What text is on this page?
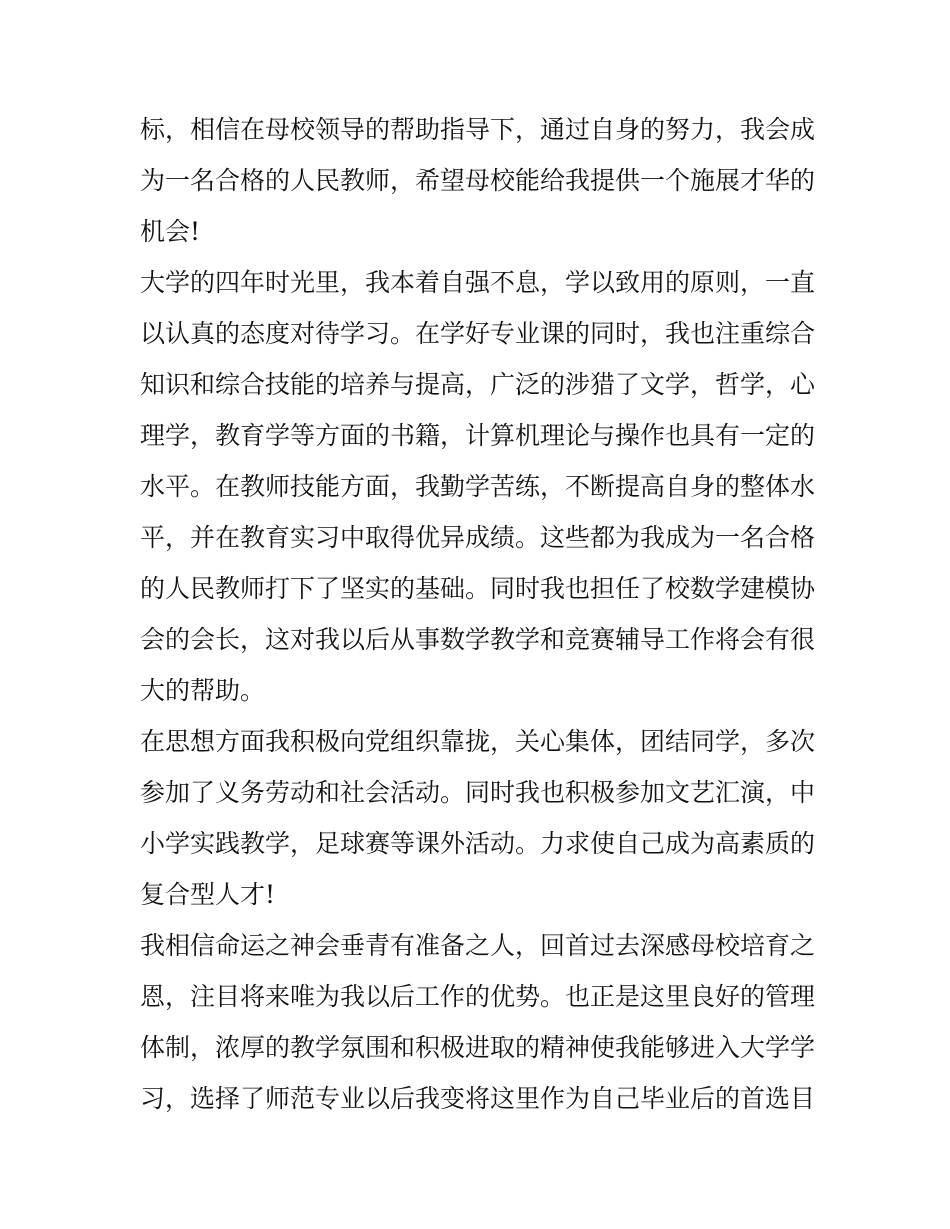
标，相信在母校领导的帮助指导下，通过自身的努力，我会成
为一名合格的人民教师，希望母校能给我提供一个施展才华的
机会!
大学的四年时光里，我本着自强不息，学以致用的原则，一直
以认真的态度对待学习。在学好专业课的同时，我也注重综合
知识和综合技能的培养与提高，广泛的涉猎了文学，哲学，心
理学，教育学等方面的书籍，计算机理论与操作也具有一定的
水平。在教师技能方面，我勤学苦练，不断提高自身的整体水
平，并在教育实习中取得优异成绩。这些都为我成为一名合格
的人民教师打下了坚实的基础。同时我也担任了校数学建模协
会的会长，这对我以后从事数学教学和竞赛辅导工作将会有很
大的帮助。
在思想方面我积极向党组织靠拢，关心集体，团结同学，多次
参加了义务劳动和社会活动。同时我也积极参加文艺汇演，中
小学实践教学，足球赛等课外活动。力求使自己成为高素质的
复合型人才!
我相信命运之神会垂青有准备之人，回首过去深感母校培育之
恩，注目将来唯为我以后工作的优势。也正是这里良好的管理
体制，浓厚的教学氛围和积极进取的精神使我能够进入大学学
习，选择了师范专业以后我变将这里作为自己毕业后的首选目
